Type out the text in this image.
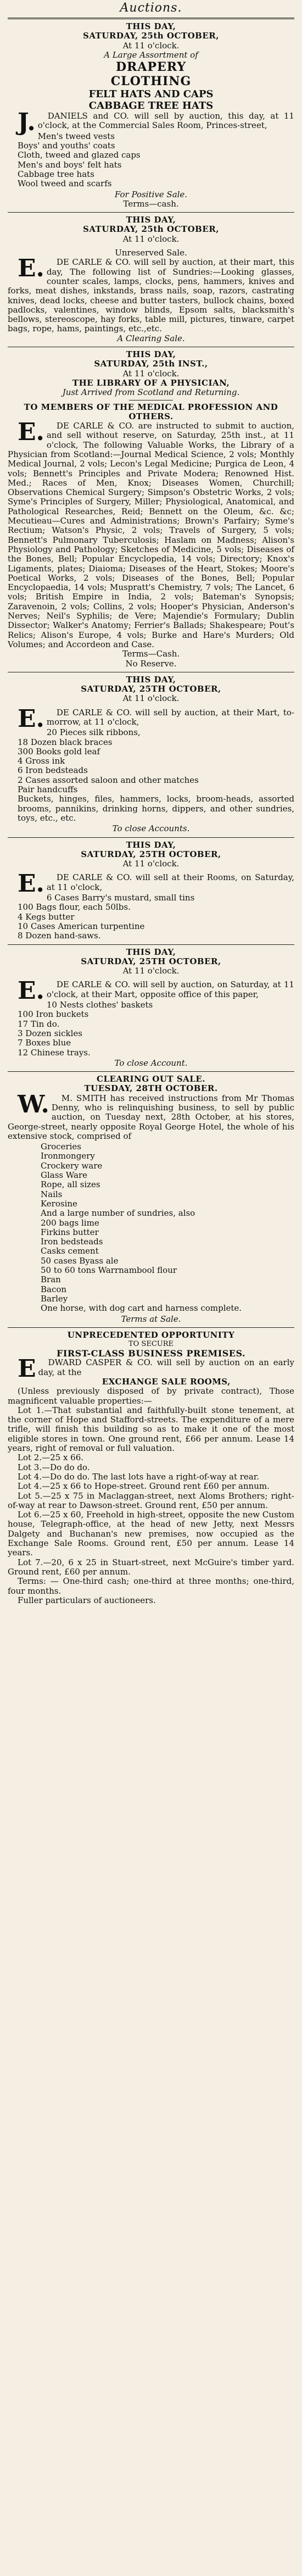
Auctions.
THIS DAY,
SATURDAY, 25th OCTOBER,
At 11 o'clock.
A Large Assortment of
DRAPERY
CLOTHING
FELT HATS AND CAPS
CABBAGE TREE HATS

J.DANIELS and CO. will sell by auction, this day, at 11 o'clock, at the Commercial Sales Room, Princes-street,

Men's tweed vests
Boys' and youths' coats
Cloth, tweed and glazed caps
Men's and boys' felt hats
Cabbage tree hats
Wool tweed and scarfs
For Positive Sale.
Terms—cash.
THIS DAY,
SATURDAY, 25th OCTOBER,
At 11 o'clock.
Unreserved Sale.

E.DE CARLE & CO. will sell by auction, at their mart, this day, The following list of Sundries:—Looking glasses, counter scales, lamps, clocks, pens, hammers, knives and forks, meat dishes, inkstands, brass nails, soap, razors, castrating knives, dead locks, cheese and butter tasters, bullock chains, boxed padlocks, valentines, window blinds, Epsom salts, blacksmith's bellows, stereoscope, hay forks, table mill, pictures, tinware, carpet bags, rope, hams, paintings, etc.,etc.

A Clearing Sale.
THIS DAY,
SATURDAY, 25th INST.,
At 11 o'clock.
THE LIBRARY OF A PHYSICIAN,
Just Arrived from Scotland and Returning.
TO MEMBERS OF THE MEDICAL PROFESSION AND OTHERS.

E.DE CARLE & CO. are instructed to submit to auction, and sell without reserve, on Saturday, 25th inst., at 11 o'clock, The following Valuable Works, the Library of a Physician from Scotland:—Journal Medical Science, 2 vols; Monthly Medical Journal, 2 vols; Lecon's Legal Medicine; Purgica de Leon, 4 vols; Bennett's Principles and Private Modera; Renowned Hist. Med.; Races of Men, Knox; Diseases Women, Churchill; Observations Chemical Surgery; Simpson's Obstetric Works, 2 vols; Syme's Principles of Surgery, Miller; Physiological, Anatomical, and Pathological Researches, Reid; Bennett on the Oleum, &c. &c; Mecutieau—Cures and Administrations; Brown's Parfairy; Syme's Rectium; Watson's Physic, 2 vols; Travels of Surgery, 5 vols; Bennett's Pulmonary Tuberculosis; Haslam on Madness; Alison's Physiology and Pathology; Sketches of Medicine, 5 vols; Diseases of the Bones, Bell; Popular Encyclopedia, 14 vols; Directory; Knox's Ligaments, plates; Diaioma; Diseases of the Heart, Stokes; Moore's Poetical Works, 2 vols; Diseases of the Bones, Bell; Popular Encyclopaedia, 14 vols; Muspratt's Chemistry, 7 vols; The Lancet, 6 vols; British Empire in India, 2 vols; Bateman's Synopsis; Zaravenoin, 2 vols; Collins, 2 vols; Hooper's Physician, Anderson's Nerves; Neil's Syphilis; de Vere; Majendie's Formulary; Dublin Dissector; Walker's Anatomy; Ferrier's Ballads; Shakespeare; Pout's Relics; Alison's Europe, 4 vols; Burke and Hare's Murders; Old Volumes; and Accordeon and Case.

Terms—Cash.
No Reserve.
THIS DAY,
SATURDAY, 25TH OCTOBER,
At 11 o'clock.

E.DE CARLE & CO. will sell by auction, at their Mart, to-morrow, at 11 o'clock,

20 Pieces silk ribbons,
18 Dozen black braces
300 Books gold leaf
4 Gross ink
6 Iron bedsteads
2 Cases assorted saloon and other matches
Pair handcuffs
Buckets, hinges, files, hammers, locks, broom-heads, assorted brooms, pannikins, drinking horns, dippers, and other sundries, toys, etc., etc.
To close Accounts.
THIS DAY,
SATURDAY, 25TH OCTOBER,
At 11 o'clock.

E.DE CARLE & CO. will sell at their Rooms, on Saturday, at 11 o'clock,

6 Cases Barry's mustard, small tins
100 Bags flour, each 50lbs.
4 Kegs butter
10 Cases American turpentine
8 Dozen hand-saws.
THIS DAY,
SATURDAY, 25TH OCTOBER,
At 11 o'clock.

E.DE CARLE & CO. will sell by auction, on Saturday, at 11 o'clock, at their Mart, opposite office of this paper,

10 Nests clothes' baskets
100 Iron buckets
17 Tin do.
3 Dozen sickles
7 Boxes blue
12 Chinese trays.
To close Account.
CLEARING OUT SALE.
TUESDAY, 28TH OCTOBER.

W.M. SMITH has received instructions from Mr Thomas Denny, who is relinquishing business, to sell by public auction, on Tuesday next, 28th October, at his stores, George-street, nearly opposite Royal George Hotel, the whole of his extensive stock, comprised of

Groceries
Ironmongery
Crockery ware
Glass Ware
Rope, all sizes
Nails
Kerosine
And a large number of sundries, also
200 bags lime
Firkins butter
Iron bedsteads
Casks cement
50 cases Byass ale
50 to 60 tons Warrnambool flour
Bran
Bacon
Barley
One horse, with dog cart and harness complete.
Terms at Sale.
UNPRECEDENTED OPPORTUNITY
TO SECURE
FIRST-CLASS BUSINESS PREMISES.

EDWARD CASPER & CO. will sell by auction on an early day, at the

EXCHANGE SALE ROOMS,

(Unless previously disposed of by private contract), Those magnificent valuable properties:—

Lot 1.—That substantial and faithfully-built stone tenement, at the corner of Hope and Stafford-streets. The expenditure of a mere trifle, will finish this building so as to make it one of the most eligible stores in town. One ground rent, £66 per annum. Lease 14 years, right of removal or full valuation.

Lot 2.—25 x 66.

Lot 3.—Do do do.

Lot 4.—Do do do. The last lots have a right-of-way at rear.

Lot 4.—25 x 66 to Hope-street. Ground rent £60 per annum.

Lot 5.—25 x 75 in Maclaggan-street, next Aloms Brothers; right-of-way at rear to Dawson-street. Ground rent, £50 per annum.

Lot 6.—25 x 60, Freehold in high-street, opposite the new Custom house, Telegraph-office, at the head of new Jetty, next Messrs Dalgety and Buchanan's new premises, now occupied as the Exchange Sale Rooms. Ground rent, £50 per annum. Lease 14 years.

Lot 7.—20, 6 x 25 in Stuart-street, next McGuire's timber yard. Ground rent, £60 per annum.

Terms: — One-third cash; one-third at three months; one-third, four months.

Fuller particulars of auctioneers.
